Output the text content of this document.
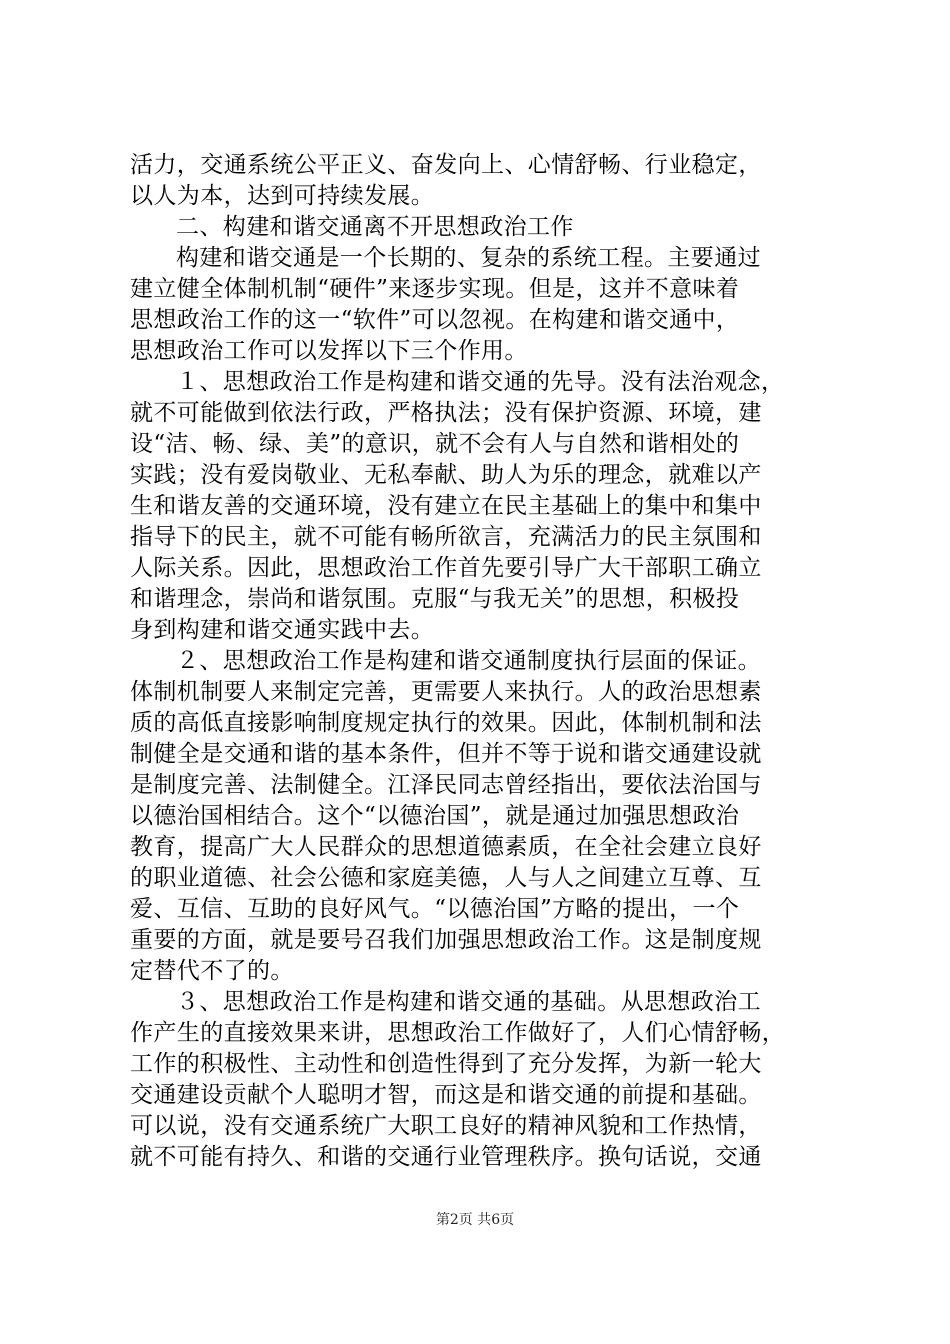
活力，交通系统公平正义、奋发向上、心情舒畅、行业稳定，
以人为本，达到可持续发展。
二、构建和谐交通离不开思想政治工作
构建和谐交通是一个长期的、复杂的系统工程。主要通过
建立健全体制机制“硬件”来逐步实现。但是，这并不意味着
思想政治工作的这一“软件”可以忽视。在构建和谐交通中，
思想政治工作可以发挥以下三个作用。
１、思想政治工作是构建和谐交通的先导。没有法治观念，
就不可能做到依法行政，严格执法；没有保护资源、环境，建
设“洁、畅、绿、美”的意识，就不会有人与自然和谐相处的
实践；没有爱岗敬业、无私奉献、助人为乐的理念，就难以产
生和谐友善的交通环境，没有建立在民主基础上的集中和集中
指导下的民主，就不可能有畅所欲言，充满活力的民主氛围和
人际关系。因此，思想政治工作首先要引导广大干部职工确立
和谐理念，崇尚和谐氛围。克服“与我无关”的思想，积极投
身到构建和谐交通实践中去。
２、思想政治工作是构建和谐交通制度执行层面的保证。
体制机制要人来制定完善，更需要人来执行。人的政治思想素
质的高低直接影响制度规定执行的效果。因此，体制机制和法
制健全是交通和谐的基本条件，但并不等于说和谐交通建设就
是制度完善、法制健全。江泽民同志曾经指出，要依法治国与
以德治国相结合。这个“以德治国”，就是通过加强思想政治
教育，提高广大人民群众的思想道德素质，在全社会建立良好
的职业道德、社会公德和家庭美德，人与人之间建立互尊、互
爱、互信、互助的良好风气。“以德治国”方略的提出，一个
重要的方面，就是要号召我们加强思想政治工作。这是制度规
定替代不了的。
３、思想政治工作是构建和谐交通的基础。从思想政治工
作产生的直接效果来讲，思想政治工作做好了，人们心情舒畅，
工作的积极性、主动性和创造性得到了充分发挥，为新一轮大
交通建设贡献个人聪明才智，而这是和谐交通的前提和基础。
可以说，没有交通系统广大职工良好的精神风貌和工作热情，
就不可能有持久、和谐的交通行业管理秩序。换句话说，交通
第2页 共6页
